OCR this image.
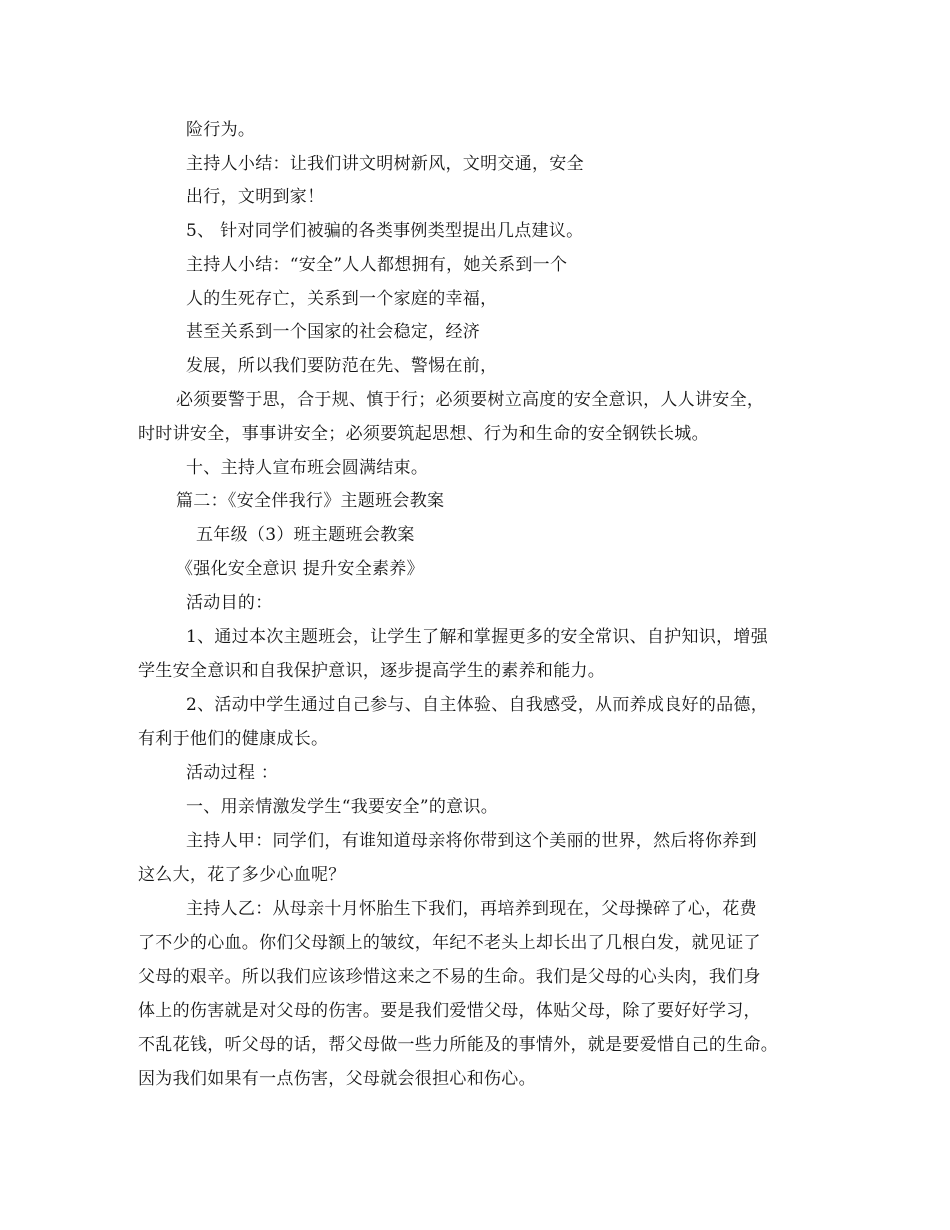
险行为。
主持人小结：让我们讲文明树新风，文明交通，安全
出行，文明到家！
5、 针对同学们被骗的各类事例类型提出几点建议。
主持人小结：“安全”人人都想拥有，她关系到一个
人的生死存亡，关系到一个家庭的幸福，
甚至关系到一个国家的社会稳定，经济
发展，所以我们要防范在先、警惕在前，
必须要警于思，合于规、慎于行；必须要树立高度的安全意识，人人讲安全，
时时讲安全，事事讲安全；必须要筑起思想、行为和生命的安全钢铁长城。
十、主持人宣布班会圆满结束。
篇二：《安全伴我行》主题班会教案
五年级（3）班主题班会教案
《强化安全意识 提升安全素养》
活动目的：
1、通过本次主题班会，让学生了解和掌握更多的安全常识、自护知识，增强
学生安全意识和自我保护意识，逐步提高学生的素养和能力。
2、活动中学生通过自己参与、自主体验、自我感受，从而养成良好的品德，
有利于他们的健康成长。
活动过程 ：
一、用亲情激发学生“我要安全”的意识。
主持人甲：同学们，有谁知道母亲将你带到这个美丽的世界，然后将你养到
这么大，花了多少心血呢？
主持人乙：从母亲十月怀胎生下我们，再培养到现在，父母操碎了心，花费
了不少的心血。你们父母额上的皱纹，年纪不老头上却长出了几根白发，就见证了
父母的艰辛。所以我们应该珍惜这来之不易的生命。我们是父母的心头肉，我们身
体上的伤害就是对父母的伤害。要是我们爱惜父母，体贴父母，除了要好好学习，
不乱花钱，听父母的话，帮父母做一些力所能及的事情外，就是要爱惜自己的生命。
因为我们如果有一点伤害，父母就会很担心和伤心。
